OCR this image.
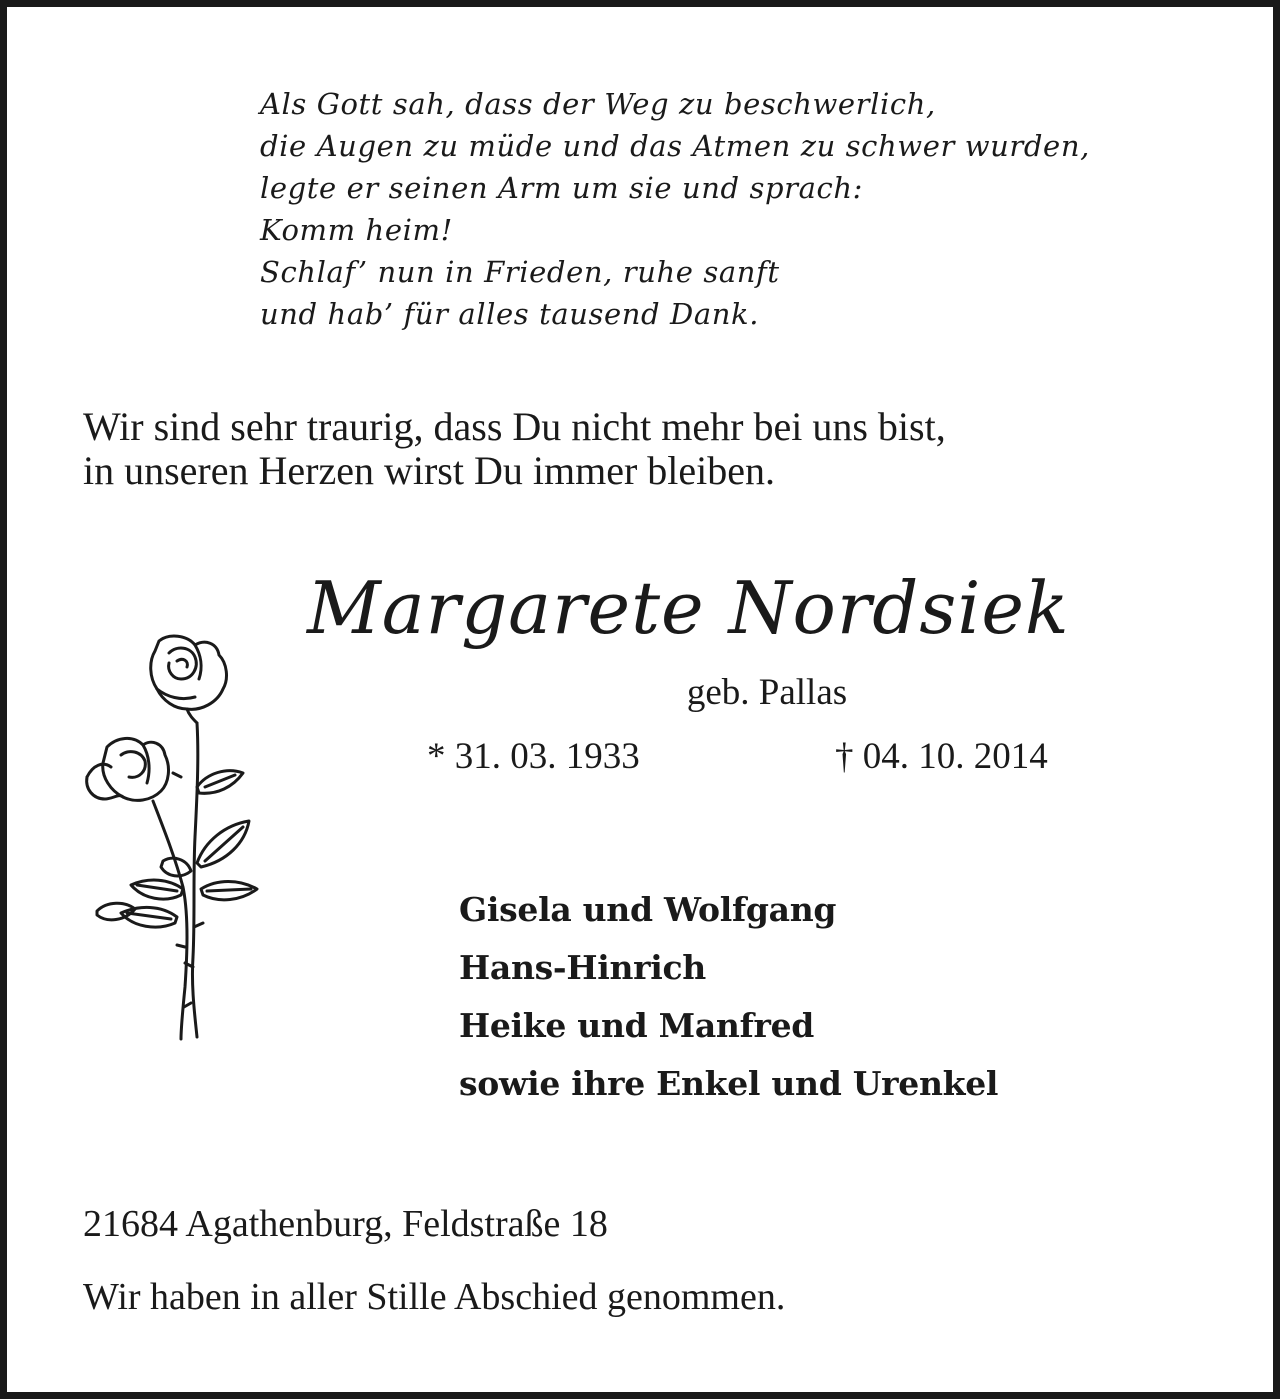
Als Gott sah, dass der Weg zu beschwerlich,
die Augen zu müde und das Atmen zu schwer wurden,
legte er seinen Arm um sie und sprach:
Komm heim!
Schlaf’ nun in Frieden, ruhe sanft
und hab’ für alles tausend Dank.
Wir sind sehr traurig, dass Du nicht mehr bei uns bist,
in unseren Herzen wirst Du immer bleiben.
Margarete Nordsiek
geb. Pallas
* 31. 03. 1933	† 04. 10. 2014
Gisela und Wolfgang
Hans-Hinrich
Heike und Manfred
sowie ihre Enkel und Urenkel
21684 Agathenburg, Feldstraße 18
Wir haben in aller Stille Abschied genommen.
